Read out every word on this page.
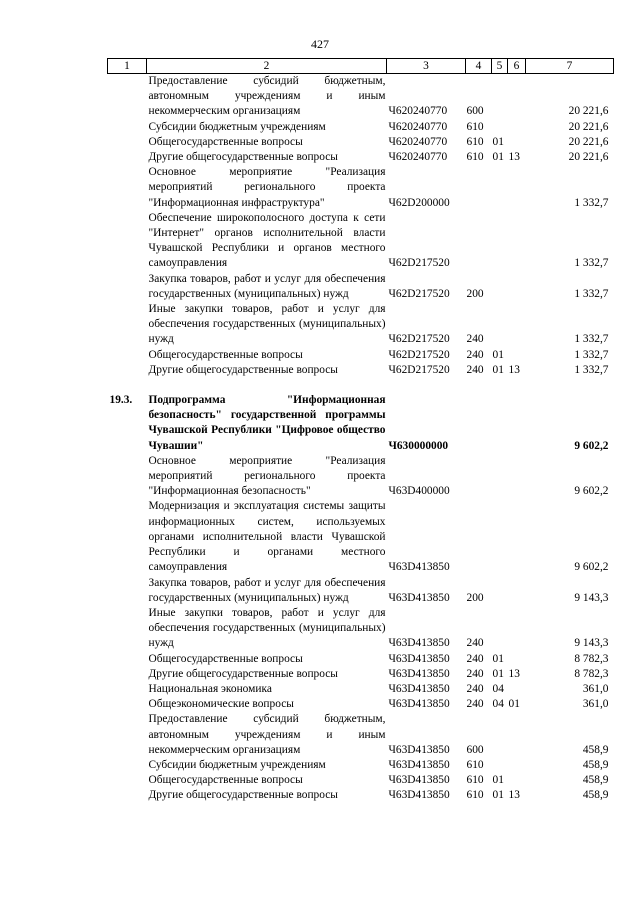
427
1	2	3	4	5	6	7
	Предоставление субсидий бюджетным, автономным учреждениям и иным некоммерческим организациям	Ч620240770	600			20 221,6
	Субсидии бюджетным учреждениям	Ч620240770	610			20 221,6
	Общегосударственные вопросы	Ч620240770	610	01		20 221,6
	Другие общегосударственные вопросы	Ч620240770	610	01	13	20 221,6
	Основное мероприятие "Реализация мероприятий регионального проекта "Информационная инфраструктура"	Ч62D200000				1 332,7
	Обеспечение широкополосного доступа к сети "Интернет" органов исполнительной власти Чувашской Республики и органов местного самоуправления	Ч62D217520				1 332,7
	Закупка товаров, работ и услуг для обеспечения государственных (муниципальных) нужд	Ч62D217520	200			1 332,7
	Иные закупки товаров, работ и услуг для обеспечения государственных (муниципальных) нужд	Ч62D217520	240			1 332,7
	Общегосударственные вопросы	Ч62D217520	240	01		1 332,7
	Другие общегосударственные вопросы	Ч62D217520	240	01	13	1 332,7

19.3.	Подпрограмма "Информационная безопасность" государственной программы Чувашской Республики "Цифровое общество Чувашии"	Ч630000000				9 602,2
	Основное мероприятие "Реализация мероприятий регионального проекта "Информационная безопасность"	Ч63D400000				9 602,2
	Модернизация и эксплуатация системы защиты информационных систем, используемых органами исполнительной власти Чувашской Республики и органами местного самоуправления	Ч63D413850				9 602,2
	Закупка товаров, работ и услуг для обеспечения государственных (муниципальных) нужд	Ч63D413850	200			9 143,3
	Иные закупки товаров, работ и услуг для обеспечения государственных (муниципальных) нужд	Ч63D413850	240			9 143,3
	Общегосударственные вопросы	Ч63D413850	240	01		8 782,3
	Другие общегосударственные вопросы	Ч63D413850	240	01	13	8 782,3
	Национальная экономика	Ч63D413850	240	04		361,0
	Общеэкономические вопросы	Ч63D413850	240	04	01	361,0
	Предоставление субсидий бюджетным, автономным учреждениям и иным некоммерческим организациям	Ч63D413850	600			458,9
	Субсидии бюджетным учреждениям	Ч63D413850	610			458,9
	Общегосударственные вопросы	Ч63D413850	610	01		458,9
	Другие общегосударственные вопросы	Ч63D413850	610	01	13	458,9
